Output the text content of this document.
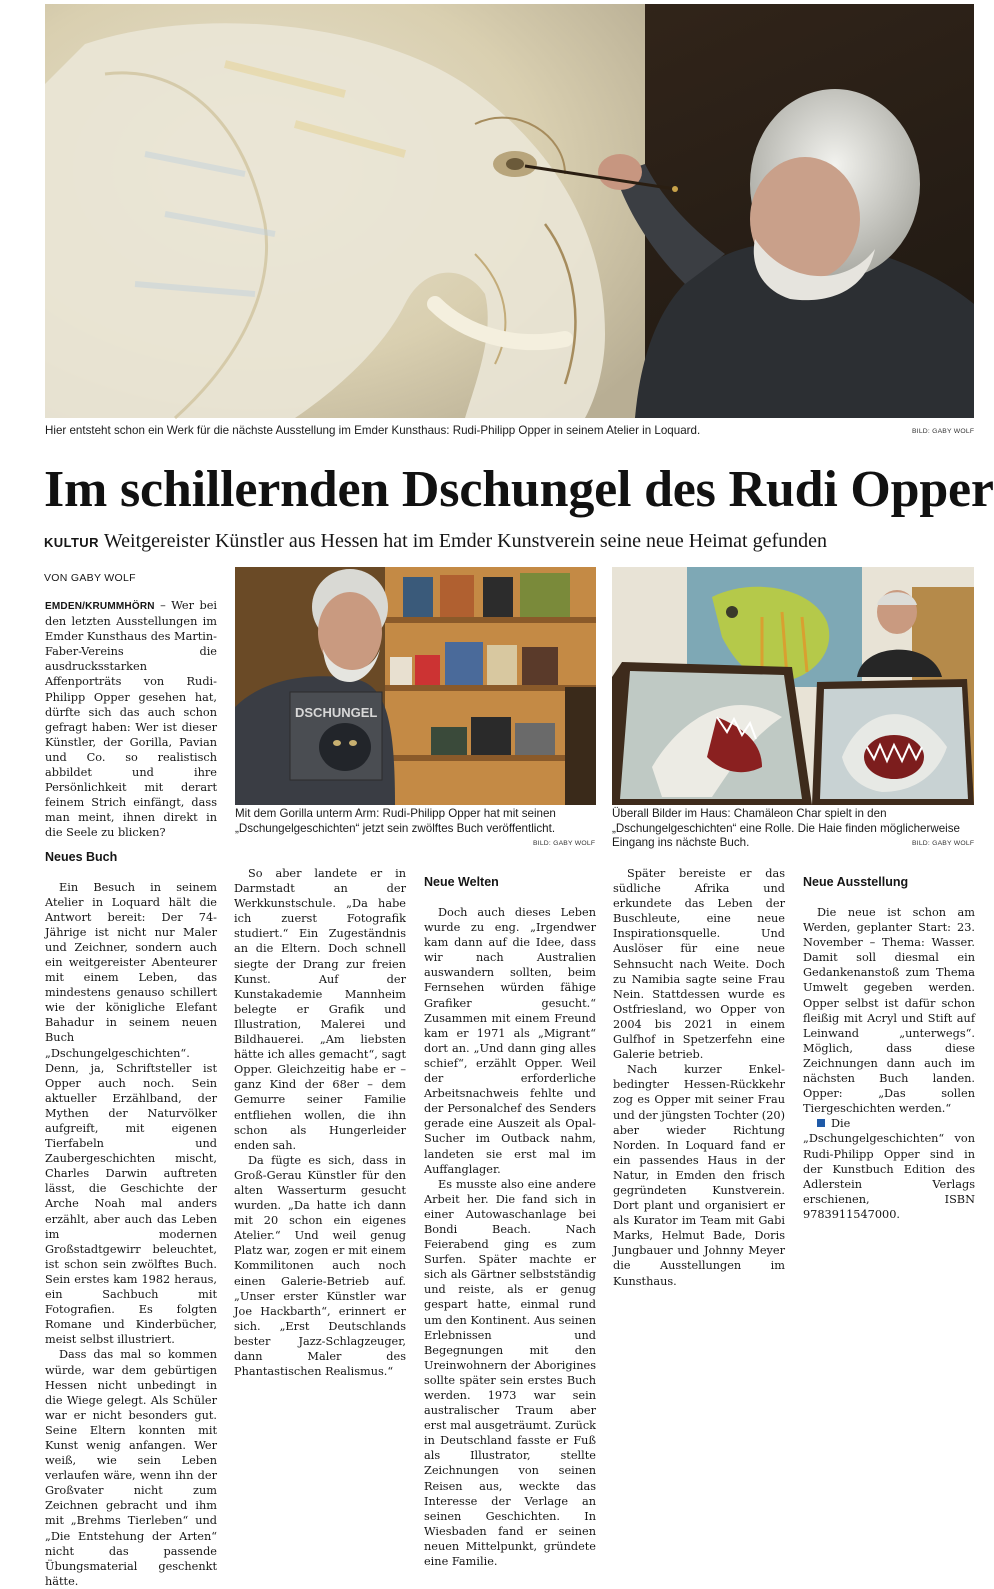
Hier entsteht schon ein Werk für die nächste Ausstellung im Emder Kunsthaus: Rudi-Philipp Opper in seinem Atelier in Loquard.	BILD: GABY WOLF
Im schillernden Dschungel des Rudi Opper
KULTUR Weitgereister Künstler aus Hessen hat im Emder Kunstverein seine neue Heimat gefunden
VON GABY WOLF
DSCHUNGEL
Mit dem Gorilla unterm Arm: Rudi-Philipp Opper hat mit seinen „Dschungelgeschichten“ jetzt sein zwölftes Buch veröffentlicht.
BILD: GABY WOLF
Überall Bilder im Haus: Chamäleon Char spielt in den „Dschungelgeschichten“ eine Rolle. Die Haie finden möglicherweise Eingang ins nächste Buch.	BILD: GABY WOLF

EMDEN/KRUMMHÖRN – Wer bei den letzten Ausstellungen im Emder Kunsthaus des Martin-Faber-Vereins die ausdrucksstarken Affenporträts von Rudi-Philipp Opper gesehen hat, dürfte sich das auch schon gefragt haben: Wer ist dieser Künstler, der Gorilla, Pavian und Co. so realistisch abbildet und ihre Persönlichkeit mit derart feinem Strich einfängt, dass man meint, ihnen direkt in die Seele zu blicken?

Neues Buch

Ein Besuch in seinem Atelier in Loquard hält die Antwort bereit: Der 74-Jährige ist nicht nur Maler und Zeichner, sondern auch ein weitgereister Abenteurer mit einem Leben, das mindestens genauso schillert wie der königliche Elefant Bahadur in seinem neuen Buch „Dschungelgeschichten“. Denn, ja, Schriftsteller ist Opper auch noch. Sein aktueller Erzählband, der Mythen der Naturvölker aufgreift, mit eigenen Tierfabeln und Zaubergeschichten mischt, Charles Darwin auftreten lässt, die Geschichte der Arche Noah mal anders erzählt, aber auch das Leben im modernen Großstadtgewirr beleuchtet, ist schon sein zwölftes Buch. Sein erstes kam 1982 heraus, ein Sachbuch mit Fotografien. Es folgten Romane und Kinderbücher, meist selbst illustriert.

Dass das mal so kommen würde, war dem gebürtigen Hessen nicht unbedingt in die Wiege gelegt. Als Schüler war er nicht besonders gut. Seine Eltern konnten mit Kunst wenig anfangen. Wer weiß, wie sein Leben verlaufen wäre, wenn ihn der Großvater nicht zum Zeichnen gebracht und ihm mit „Brehms Tierleben“ und „Die Entstehung der Arten“ nicht das passende Übungsmaterial geschenkt hätte.

So aber landete er in Darmstadt an der Werkkunstschule. „Da habe ich zuerst Fotografik studiert.“ Ein Zugeständnis an die Eltern. Doch schnell siegte der Drang zur freien Kunst. Auf der Kunstakademie Mannheim belegte er Grafik und Illustration, Malerei und Bildhauerei. „Am liebsten hätte ich alles gemacht“, sagt Opper. Gleichzeitig habe er – ganz Kind der 68er – dem Gemurre seiner Familie entfliehen wollen, die ihn schon als Hungerleider enden sah.

Da fügte es sich, dass in Groß-Gerau Künstler für den alten Wasserturm gesucht wurden. „Da hatte ich dann mit 20 schon ein eigenes Atelier.“ Und weil genug Platz war, zogen er mit einem Kommilitonen auch noch einen Galerie-Betrieb auf. „Unser erster Künstler war Joe Hackbarth“, erinnert er sich. „Erst Deutschlands bester Jazz-Schlagzeuger, dann Maler des Phantastischen Realismus.“

Neue Welten

Doch auch dieses Leben wurde zu eng. „Irgendwer kam dann auf die Idee, dass wir nach Australien auswandern sollten, beim Fernsehen würden fähige Grafiker gesucht.“ Zusammen mit einem Freund kam er 1971 als „Migrant“ dort an. „Und dann ging alles schief“, erzählt Opper. Weil der erforderliche Arbeitsnachweis fehlte und der Personalchef des Senders gerade eine Auszeit als Opal-Sucher im Outback nahm, landeten sie erst mal im Auffanglager.

Es musste also eine andere Arbeit her. Die fand sich in einer Autowaschanlage bei Bondi Beach. Nach Feierabend ging es zum Surfen. Später machte er sich als Gärtner selbstständig und reiste, als er genug gespart hatte, einmal rund um den Kontinent. Aus seinen Erlebnissen und Begegnungen mit den Ureinwohnern der Aborigines sollte später sein erstes Buch werden. 1973 war sein australischer Traum aber erst mal ausgeträumt. Zurück in Deutschland fasste er Fuß als Illustrator, stellte Zeichnungen von seinen Reisen aus, weckte das Interesse der Verlage an seinen Geschichten. In Wiesbaden fand er seinen neuen Mittelpunkt, gründete eine Familie.

Später bereiste er das südliche Afrika und erkundete das Leben der Buschleute, eine neue Inspirationsquelle. Und Auslöser für eine neue Sehnsucht nach Weite. Doch zu Namibia sagte seine Frau Nein. Stattdessen wurde es Ostfriesland, wo Opper von 2004 bis 2021 in einem Gulfhof in Spetzerfehn eine Galerie betrieb.

Nach kurzer Enkel-bedingter Hessen-Rückkehr zog es Opper mit seiner Frau und der jüngsten Tochter (20) aber wieder Richtung Norden. In Loquard fand er ein passendes Haus in der Natur, in Emden den frisch gegründeten Kunstverein. Dort plant und organisiert er als Kurator im Team mit Gabi Marks, Helmut Bade, Doris Jungbauer und Johnny Meyer die Ausstellungen im Kunsthaus.

Neue Ausstellung

Die neue ist schon am Werden, geplanter Start: 23. November – Thema: Wasser. Damit soll diesmal ein Gedankenanstoß zum Thema Umwelt gegeben werden. Opper selbst ist dafür schon fleißig mit Acryl und Stift auf Leinwand „unterwegs“. Möglich, dass diese Zeichnungen dann auch im nächsten Buch landen. Opper: „Das sollen Tiergeschichten werden.“

Die „Dschungelgeschichten“ von Rudi-Philipp Opper sind in der Kunstbuch Edition des Adlerstein Verlags erschienen, ISBN 9783911547000.
